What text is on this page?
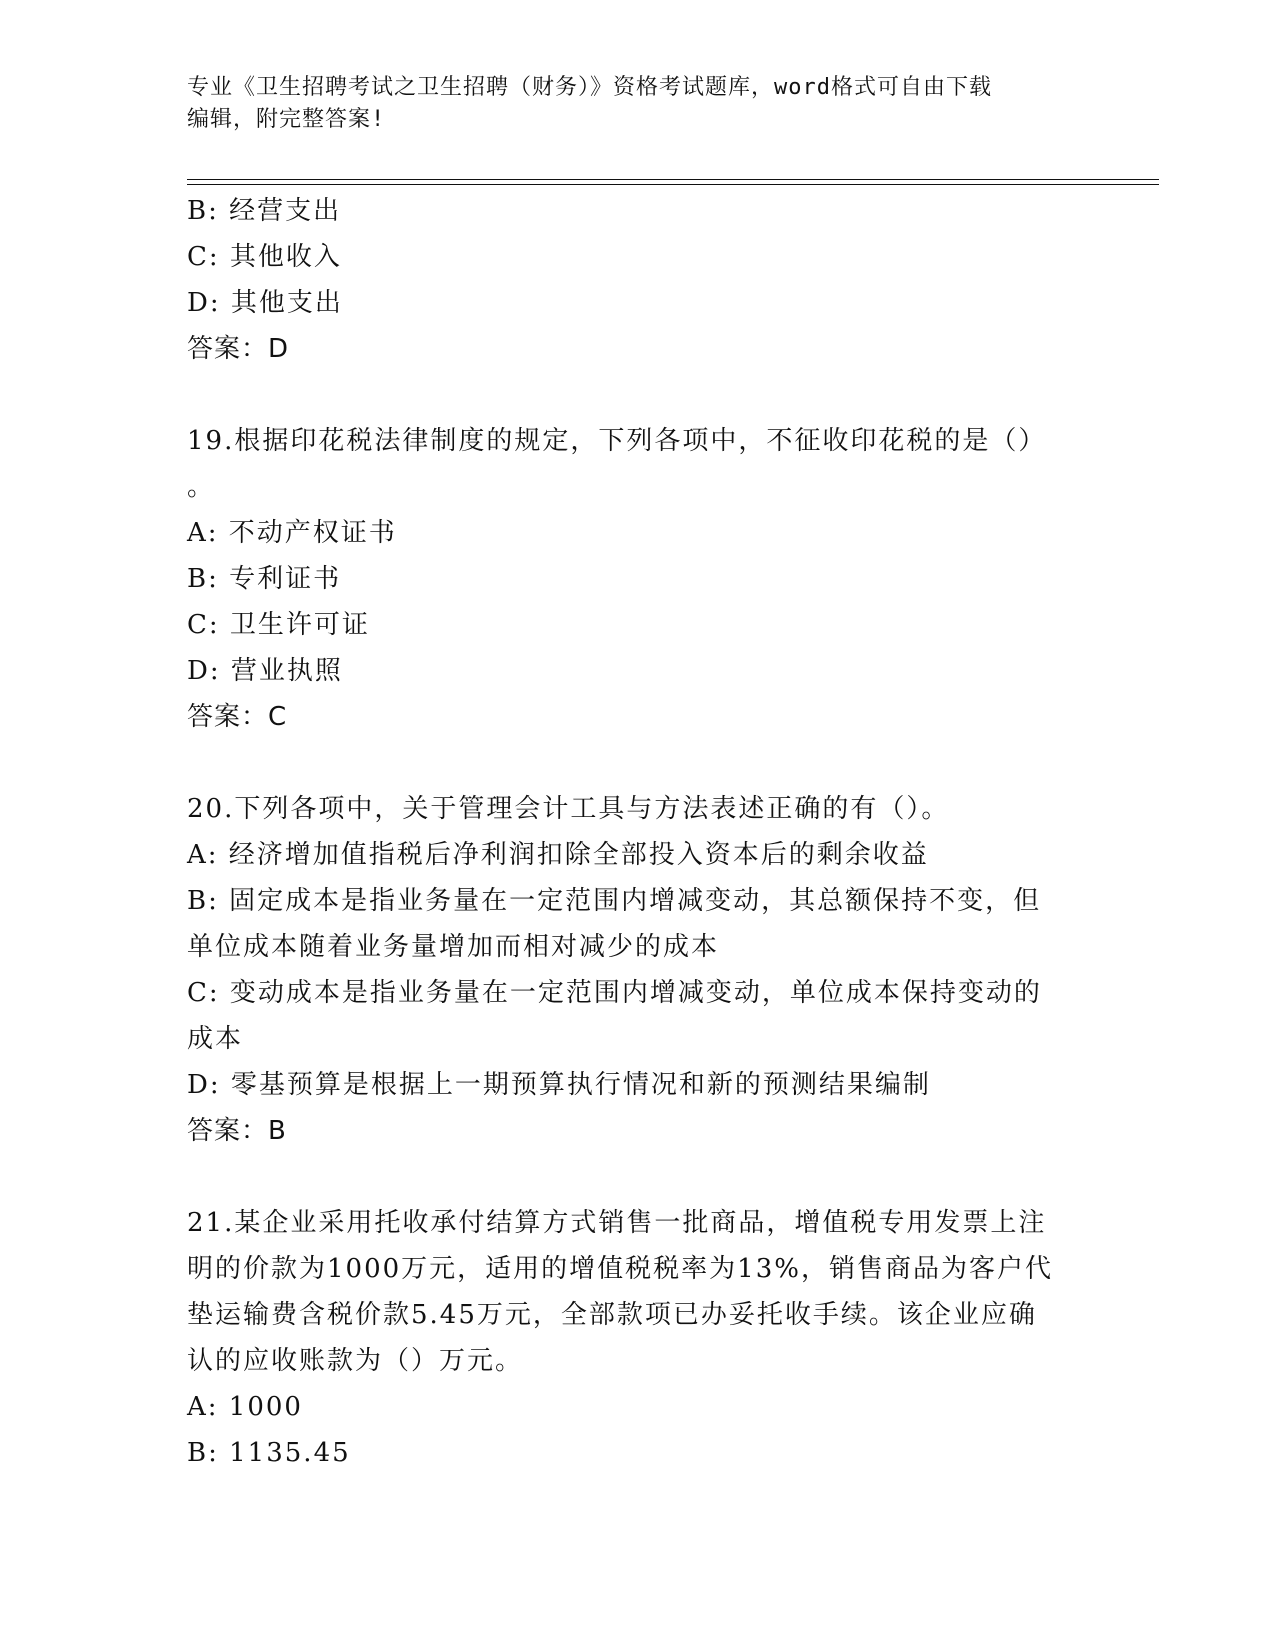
专业《卫生招聘考试之卫生招聘（财务）》资格考试题库，word格式可自由下载
编辑，附完整答案!
B: 经营支出
C: 其他收入
D: 其他支出
答案：D
19.根据印花税法律制度的规定，下列各项中，不征收印花税的是（）
。
A: 不动产权证书
B: 专利证书
C: 卫生许可证
D: 营业执照
答案：C
20.下列各项中，关于管理会计工具与方法表述正确的有（）。
A: 经济增加值指税后净利润扣除全部投入资本后的剩余收益
B: 固定成本是指业务量在一定范围内增减变动，其总额保持不变，但
单位成本随着业务量增加而相对减少的成本
C: 变动成本是指业务量在一定范围内增减变动，单位成本保持变动的
成本
D: 零基预算是根据上一期预算执行情况和新的预测结果编制
答案：B
21.某企业采用托收承付结算方式销售一批商品，增值税专用发票上注
明的价款为1000万元，适用的增值税税率为13%，销售商品为客户代
垫运输费含税价款5.45万元，全部款项已办妥托收手续。该企业应确
认的应收账款为（）万元。
A: 1000
B: 1135.45
